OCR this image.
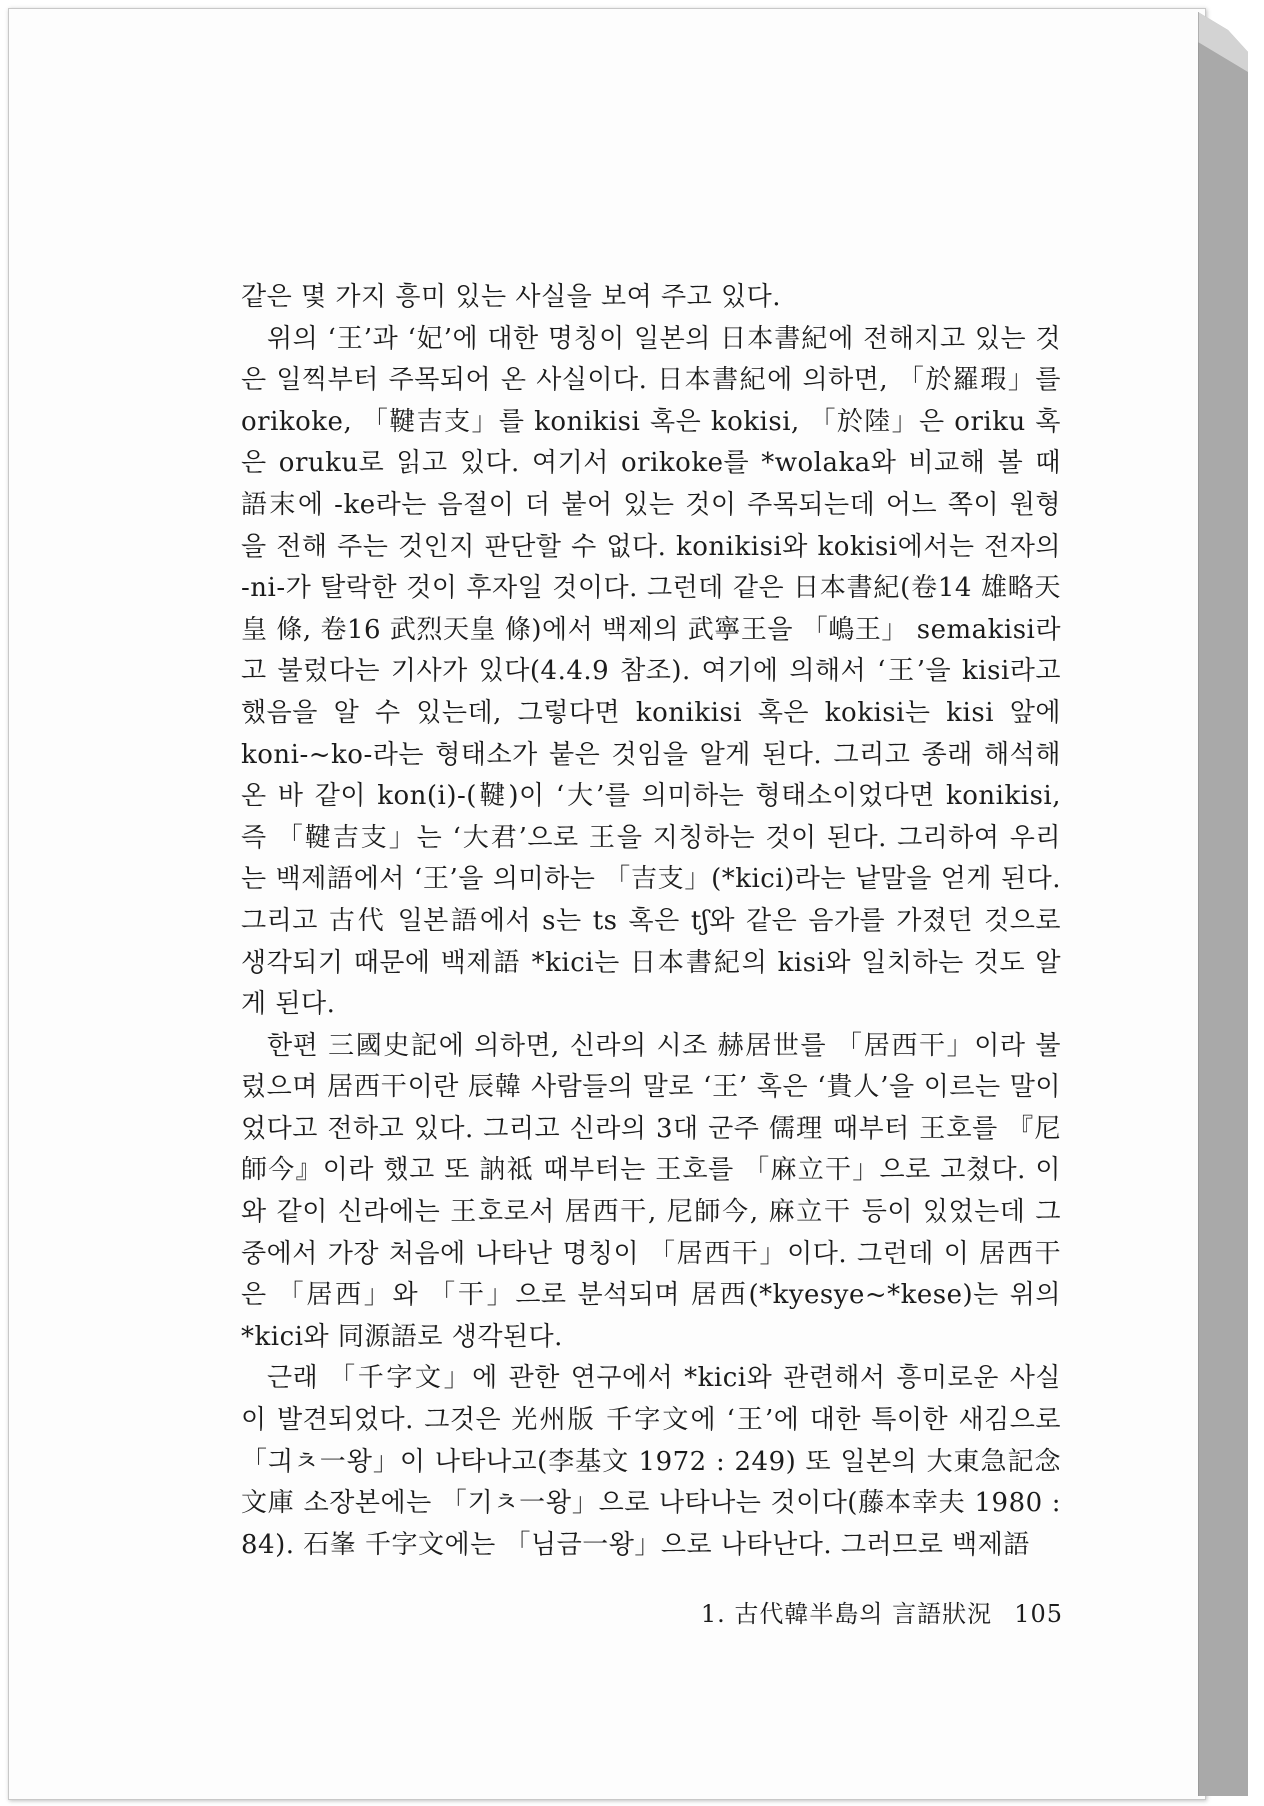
같은 몇 가지 흥미 있는 사실을 보여 주고 있다.

위의 ‘王’과 ‘妃’에 대한 명칭이 일본의 日本書紀에 전해지고 있는 것은 일찍부터 주목되어 온 사실이다. 日本書紀에 의하면, 「於羅瑕」를 orikoke, 「鞬吉支」를 konikisi 혹은 kokisi, 「於陸」은 oriku 혹은 oruku로 읽고 있다. 여기서 orikoke를 *wolaka와 비교해 볼 때 語末에 -ke라는 음절이 더 붙어 있는 것이 주목되는데 어느 쪽이 원형을 전해 주는 것인지 판단할 수 없다. konikisi와 kokisi에서는 전자의 -ni-가 탈락한 것이 후자일 것이다. 그런데 같은 日本書紀(卷14 雄略天皇 條, 卷16 武烈天皇 條)에서 백제의 武寧王을 「嶋王」 semakisi라고 불렀다는 기사가 있다(4.4.9 참조). 여기에 의해서 ‘王’을 kisi라고 했음을 알 수 있는데, 그렇다면 konikisi 혹은 kokisi는 kisi 앞에 koni-~ko-라는 형태소가 붙은 것임을 알게 된다. 그리고 종래 해석해 온 바 같이 kon(i)-(鞬)이 ‘大’를 의미하는 형태소이었다면 konikisi, 즉 「鞬吉支」는 ‘大君’으로 王을 지칭하는 것이 된다. 그리하여 우리는 백제語에서 ‘王’을 의미하는 「吉支」(*kici)라는 낱말을 얻게 된다. 그리고 古代 일본語에서 s는 ts 혹은 tʃ와 같은 음가를 가졌던 것으로 생각되기 때문에 백제語 *kici는 日本書紀의 kisi와 일치하는 것도 알게 된다.

한편 三國史記에 의하면, 신라의 시조 赫居世를 「居西干」이라 불렀으며 居西干이란 辰韓 사람들의 말로 ‘王’ 혹은 ‘貴人’을 이르는 말이었다고 전하고 있다. 그리고 신라의 3대 군주 儒理 때부터 王호를 『尼師今』이라 했고 또 訥祗 때부터는 王호를 「麻立干」으로 고쳤다. 이와 같이 신라에는 王호로서 居西干, 尼師今, 麻立干 등이 있었는데 그 중에서 가장 처음에 나타난 명칭이 「居西干」이다. 그런데 이 居西干은 「居西」와 「干」으로 분석되며 居西(*kyesye~*kese)는 위의 *kici와 同源語로 생각된다.

근래 「千字文」에 관한 연구에서 *kici와 관련해서 흥미로운 사실이 발견되었다. 그것은 光州版 千字文에 ‘王’에 대한 특이한 새김으로 「긔ㅊ一왕」이 나타나고(李基文 1972 : 249) 또 일본의 大東急記念文庫 소장본에는 「기ㅊ一왕」으로 나타나는 것이다(藤本幸夫 1980 : 84). 石峯 千字文에는 「님금一왕」으로 나타난다. 그러므로 백제語

1. 古代韓半島의 言語狀況 105
